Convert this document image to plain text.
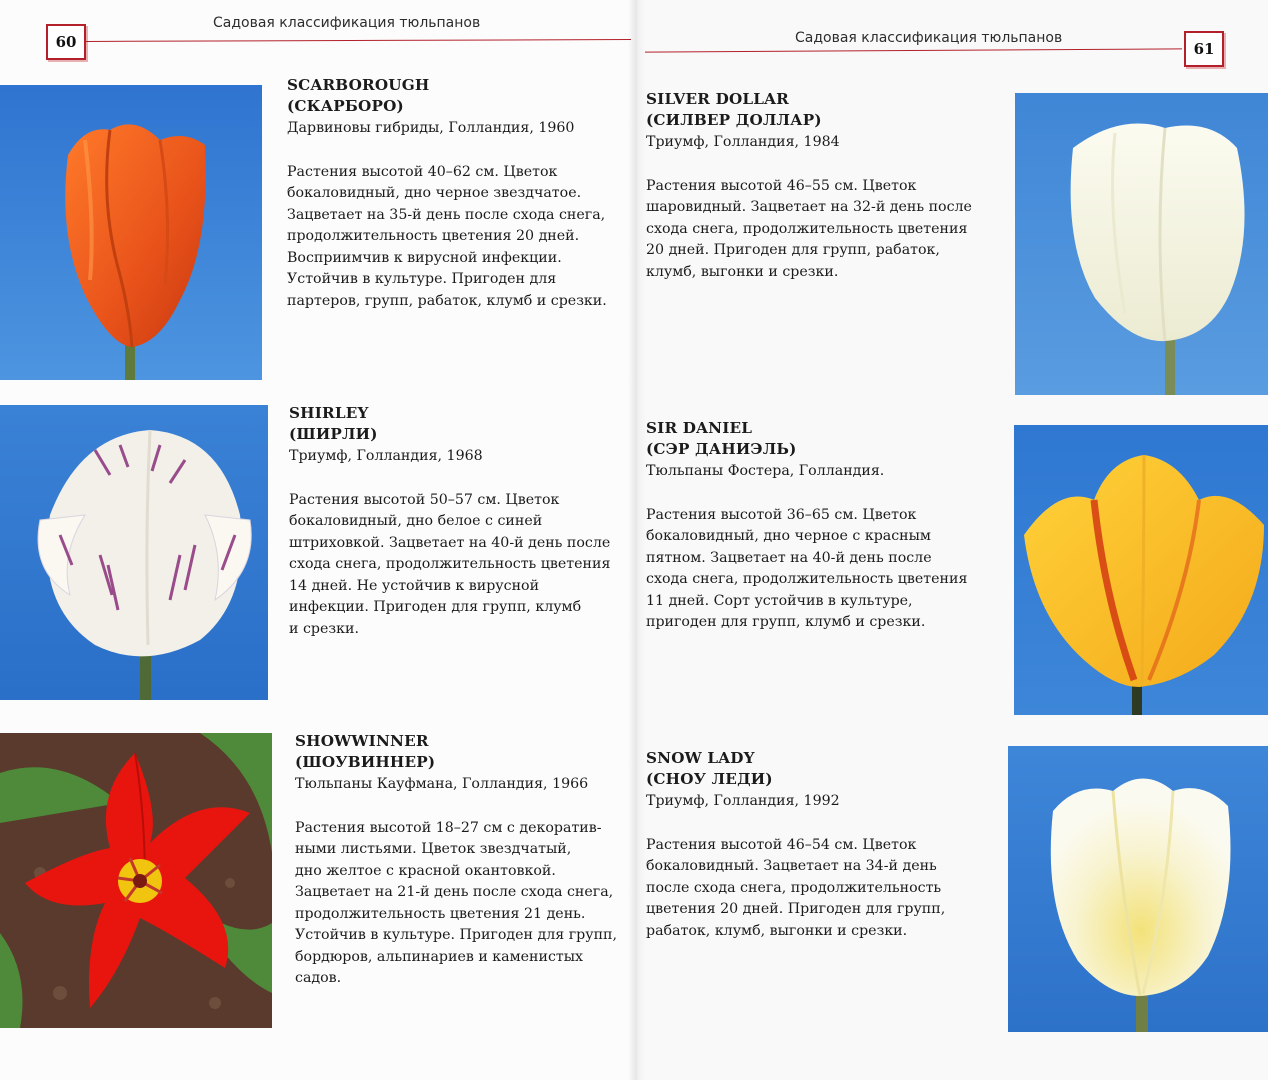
60
Садовая классификация тюльпанов
61
Садовая классификация тюльпанов
SCARBOROUGH
(СКАРБОРО)
Дарвиновы гибриды, Голландия, 1960
Растения высотой 40–62 см. Цветок
бокаловидный, дно черное звездчатое.
Зацветает на 35-й день после схода снега,
продолжительность цветения 20 дней.
Восприимчив к вирусной инфекции.
Устойчив в культуре. Пригоден для
партеров, групп, рабаток, клумб и срезки.
SHIRLEY
(ШИРЛИ)
Триумф, Голландия, 1968
Растения высотой 50–57 см. Цветок
бокаловидный, дно белое с синей
штриховкой. Зацветает на 40-й день после
схода снега, продолжительность цветения
14 дней. Не устойчив к вирусной
инфекции. Пригоден для групп, клумб
и срезки.
SHOWWINNER
(ШОУВИННЕР)
Тюльпаны Кауфмана, Голландия, 1966
Растения высотой 18–27 см с декоратив-
ными листьями. Цветок звездчатый,
дно желтое с красной окантовкой.
Зацветает на 21-й день после схода снега,
продолжительность цветения 21 день.
Устойчив в культуре. Пригоден для групп,
бордюров, альпинариев и каменистых
садов.
SILVER DOLLAR
(СИЛВЕР ДОЛЛАР)
Триумф, Голландия, 1984
Растения высотой 46–55 см. Цветок
шаровидный. Зацветает на 32-й день после
схода снега, продолжительность цветения
20 дней. Пригоден для групп, рабаток,
клумб, выгонки и срезки.
SIR DANIEL
(СЭР ДАНИЭЛЬ)
Тюльпаны Фостера, Голландия.
Растения высотой 36–65 см. Цветок
бокаловидный, дно черное с красным
пятном. Зацветает на 40-й день после
схода снега, продолжительность цветения
11 дней. Сорт устойчив в культуре,
пригоден для групп, клумб и срезки.
SNOW LADY
(СНОУ ЛЕДИ)
Триумф, Голландия, 1992
Растения высотой 46–54 см. Цветок
бокаловидный. Зацветает на 34-й день
после схода снега, продолжительность
цветения 20 дней. Пригоден для групп,
рабаток, клумб, выгонки и срезки.
